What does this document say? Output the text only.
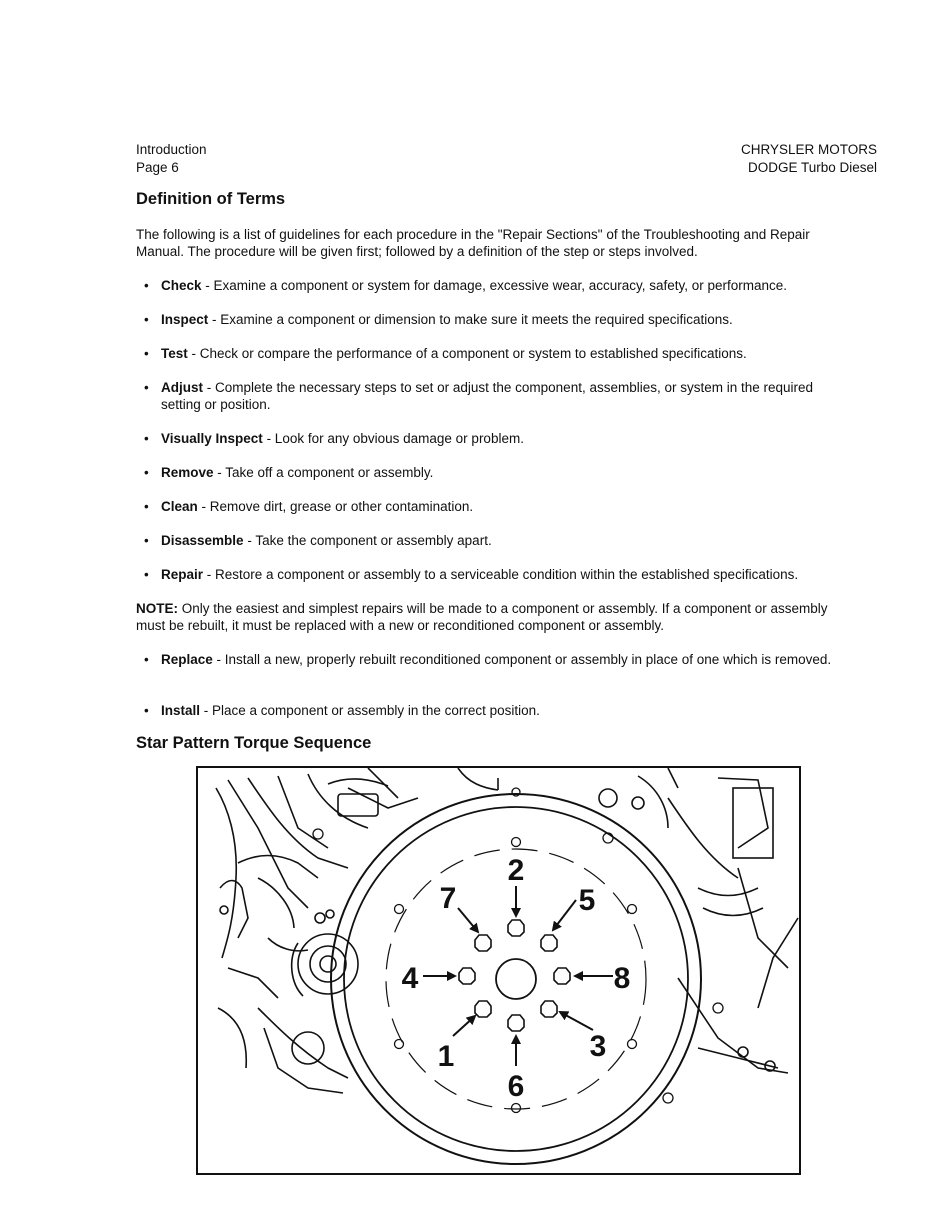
Introduction
Page 6
CHRYSLER MOTORS
DODGE Turbo Diesel
Definition of Terms
The following is a list of guidelines for each procedure in the "Repair Sections" of the Troubleshooting and Repair Manual. The procedure will be given first; followed by a definition of the step or steps involved.
• Check - Examine a component or system for damage, excessive wear, accuracy, safety, or performance.
• Inspect - Examine a component or dimension to make sure it meets the required specifications.
• Test - Check or compare the performance of a component or system to established specifications.
• Adjust - Complete the necessary steps to set or adjust the component, assemblies, or system in the required setting or position.
• Visually Inspect - Look for any obvious damage or problem.
• Remove - Take off a component or assembly.
• Clean - Remove dirt, grease or other contamination.
• Disassemble - Take the component or assembly apart.
• Repair - Restore a component or assembly to a serviceable condition within the established specifications.
NOTE: Only the easiest and simplest repairs will be made to a component or assembly. If a component or assembly must be rebuilt, it must be replaced with a new or reconditioned component or assembly.
• Replace - Install a new, properly rebuilt reconditioned component or assembly in place of one which is removed.
• Install - Place a component or assembly in the correct position.
Star Pattern Torque Sequence
2
5
8
3
6
1
4
7
